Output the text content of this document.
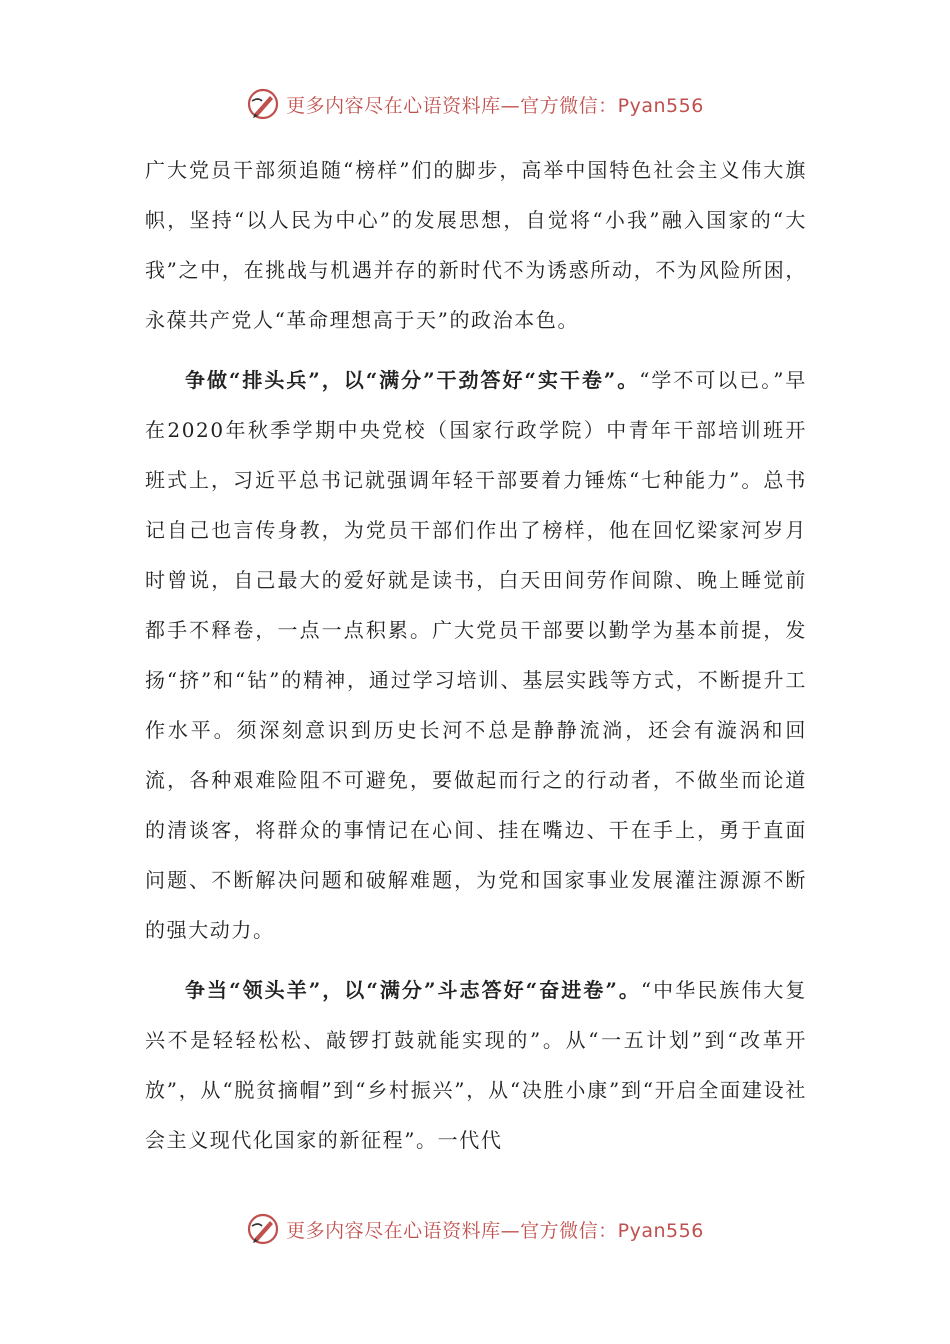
更多内容尽在心语资料库—官方微信：Pyan556

广大党员干部须追随“榜样”们的脚步，高举中国特色社会主义伟大旗帜，坚持“以人民为中心”的发展思想，自觉将“小我”融入国家的“大我”之中，在挑战与机遇并存的新时代不为诱惑所动，不为风险所困，永葆共产党人“革命理想高于天”的政治本色。

争做“排头兵”，以“满分”干劲答好“实干卷”。“学不可以已。”早在2020年秋季学期中央党校（国家行政学院）中青年干部培训班开班式上，习近平总书记就强调年轻干部要着力锤炼“七种能力”。总书记自己也言传身教，为党员干部们作出了榜样，他在回忆梁家河岁月时曾说，自己最大的爱好就是读书，白天田间劳作间隙、晚上睡觉前都手不释卷，一点一点积累。广大党员干部要以勤学为基本前提，发扬“挤”和“钻”的精神，通过学习培训、基层实践等方式，不断提升工作水平。须深刻意识到历史长河不总是静静流淌，还会有漩涡和回流，各种艰难险阻不可避免，要做起而行之的行动者，不做坐而论道的清谈客，将群众的事情记在心间、挂在嘴边、干在手上，勇于直面问题、不断解决问题和破解难题，为党和国家事业发展灌注源源不断的强大动力。

争当“领头羊”，以“满分”斗志答好“奋进卷”。“中华民族伟大复兴不是轻轻松松、敲锣打鼓就能实现的”。从“一五计划”到“改革开放”，从“脱贫摘帽”到“乡村振兴”，从“决胜小康”到“开启全面建设社会主义现代化国家的新征程”。一代代

更多内容尽在心语资料库—官方微信：Pyan556
